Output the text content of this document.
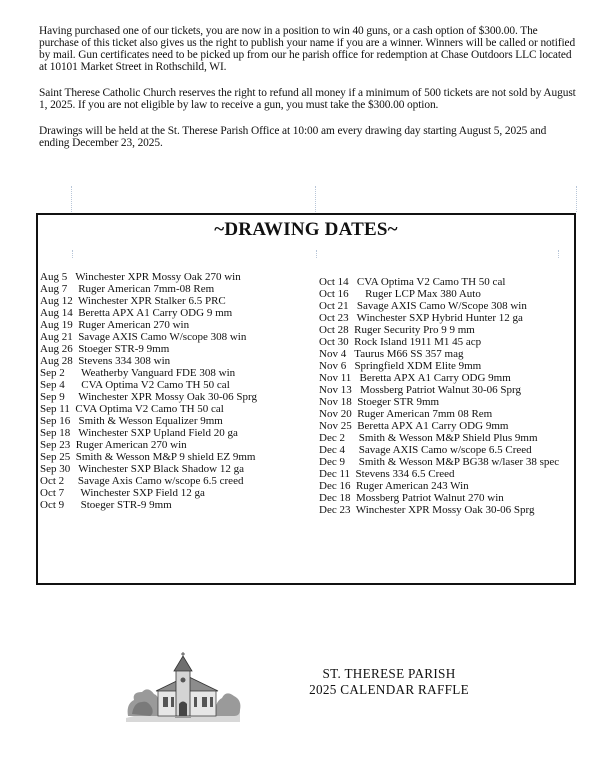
Having purchased one of our tickets, you are now in a position to win 40 guns, or a cash option of $300.00. The purchase of this ticket also gives us the right to publish your name if you are a winner. Winners will be called or notified by mail. Gun certificates need to be picked up from our he parish office for redemption at Chase Outdoors LLC located at 10101 Market Street in Rothschild, WI.
Saint Therese Catholic Church reserves the right to refund all money if a minimum of 500 tickets are not sold by August 1, 2025. If you are not eligible by law to receive a gun, you must take the $300.00 option.
Drawings will be held at the St. Therese Parish Office at 10:00 am every drawing day starting August 5, 2025 and ending December 23, 2025.
~DRAWING DATES~
Aug 5   Winchester XPR Mossy Oak 270 win
Aug 7    Ruger American 7mm-08 Rem
Aug 12  Winchester XPR Stalker 6.5 PRC
Aug 14  Beretta APX A1 Carry ODG 9 mm
Aug 19  Ruger American 270 win
Aug 21  Savage AXIS Camo W/scope 308 win
Aug 26  Stoeger STR-9 9mm
Aug 28  Stevens 334 308 win
Sep 2      Weatherby Vanguard FDE 308 win
Sep 4      CVA Optima V2 Camo TH 50 cal
Sep 9     Winchester XPR Mossy Oak 30-06 Sprg
Sep 11  CVA Optima V2 Camo TH 50 cal
Sep 16   Smith & Wesson Equalizer 9mm
Sep 18   Winchester SXP Upland Field 20 ga
Sep 23  Ruger American 270 win
Sep 25  Smith & Wesson M&P 9 shield EZ 9mm
Sep 30   Winchester SXP Black Shadow 12 ga
Oct 2     Savage Axis Camo w/scope 6.5 creed
Oct 7      Winchester SXP Field 12 ga
Oct 9      Stoeger STR-9 9mm
Oct 14   CVA Optima V2 Camo TH 50 cal
Oct 16      Ruger LCP Max 380 Auto
Oct 21   Savage AXIS Camo W/Scope 308 win
Oct 23   Winchester SXP Hybrid Hunter 12 ga
Oct 28  Ruger Security Pro 9 9 mm
Oct 30  Rock Island 1911 M1 45 acp
Nov 4   Taurus M66 SS 357 mag
Nov 6   Springfield XDM Elite 9mm
Nov 11   Beretta APX A1 Carry ODG 9mm
Nov 13   Mossberg Patriot Walnut 30-06 Sprg
Nov 18  Stoeger STR 9mm
Nov 20  Ruger American 7mm 08 Rem
Nov 25  Beretta APX A1 Carry ODG 9mm
Dec 2     Smith & Wesson M&P Shield Plus 9mm
Dec 4     Savage AXIS Camo w/scope 6.5 Creed
Dec 9     Smith & Wesson M&P BG38 w/laser 38 spec
Dec 11  Stevens 334 6.5 Creed
Dec 16  Ruger American 243 Win
Dec 18  Mossberg Patriot Walnut 270 win
Dec 23  Winchester XPR Mossy Oak 30-06 Sprg
ST. THERESE PARISH
2025 CALENDAR RAFFLE
